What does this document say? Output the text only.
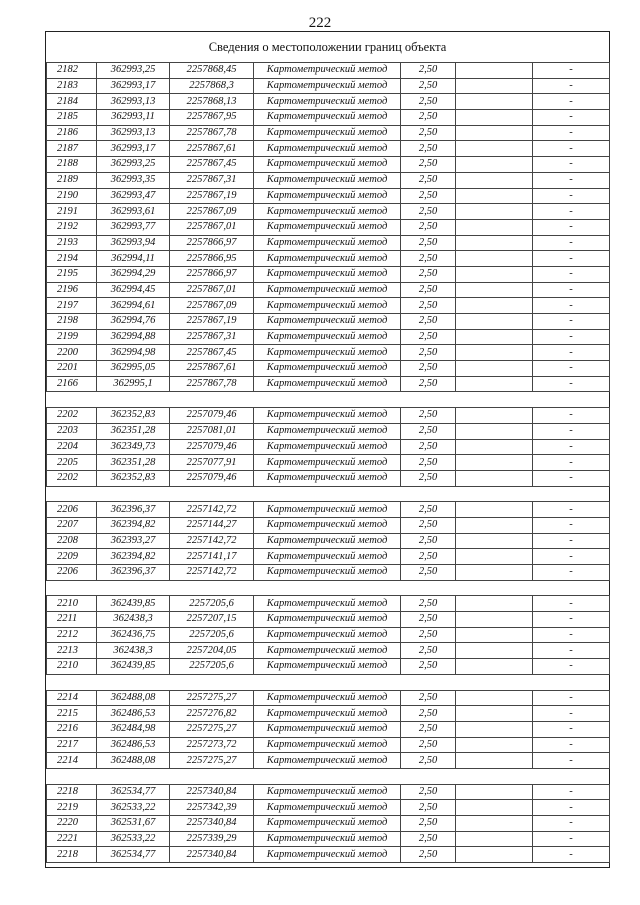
222
Сведения о местоположении границ объекта
2182	362993,25	2257868,45	Картометрический метод	2,50		-
2183	362993,17	2257868,3	Картометрический метод	2,50		-
2184	362993,13	2257868,13	Картометрический метод	2,50		-
2185	362993,11	2257867,95	Картометрический метод	2,50		-
2186	362993,13	2257867,78	Картометрический метод	2,50		-
2187	362993,17	2257867,61	Картометрический метод	2,50		-
2188	362993,25	2257867,45	Картометрический метод	2,50		-
2189	362993,35	2257867,31	Картометрический метод	2,50		-
2190	362993,47	2257867,19	Картометрический метод	2,50		-
2191	362993,61	2257867,09	Картометрический метод	2,50		-
2192	362993,77	2257867,01	Картометрический метод	2,50		-
2193	362993,94	2257866,97	Картометрический метод	2,50		-
2194	362994,11	2257866,95	Картометрический метод	2,50		-
2195	362994,29	2257866,97	Картометрический метод	2,50		-
2196	362994,45	2257867,01	Картометрический метод	2,50		-
2197	362994,61	2257867,09	Картометрический метод	2,50		-
2198	362994,76	2257867,19	Картометрический метод	2,50		-
2199	362994,88	2257867,31	Картометрический метод	2,50		-
2200	362994,98	2257867,45	Картометрический метод	2,50		-
2201	362995,05	2257867,61	Картометрический метод	2,50		-
2166	362995,1	2257867,78	Картометрический метод	2,50		-

2202	362352,83	2257079,46	Картометрический метод	2,50		-
2203	362351,28	2257081,01	Картометрический метод	2,50		-
2204	362349,73	2257079,46	Картометрический метод	2,50		-
2205	362351,28	2257077,91	Картометрический метод	2,50		-
2202	362352,83	2257079,46	Картометрический метод	2,50		-

2206	362396,37	2257142,72	Картометрический метод	2,50		-
2207	362394,82	2257144,27	Картометрический метод	2,50		-
2208	362393,27	2257142,72	Картометрический метод	2,50		-
2209	362394,82	2257141,17	Картометрический метод	2,50		-
2206	362396,37	2257142,72	Картометрический метод	2,50		-

2210	362439,85	2257205,6	Картометрический метод	2,50		-
2211	362438,3	2257207,15	Картометрический метод	2,50		-
2212	362436,75	2257205,6	Картометрический метод	2,50		-
2213	362438,3	2257204,05	Картометрический метод	2,50		-
2210	362439,85	2257205,6	Картометрический метод	2,50		-

2214	362488,08	2257275,27	Картометрический метод	2,50		-
2215	362486,53	2257276,82	Картометрический метод	2,50		-
2216	362484,98	2257275,27	Картометрический метод	2,50		-
2217	362486,53	2257273,72	Картометрический метод	2,50		-
2214	362488,08	2257275,27	Картометрический метод	2,50		-

2218	362534,77	2257340,84	Картометрический метод	2,50		-
2219	362533,22	2257342,39	Картометрический метод	2,50		-
2220	362531,67	2257340,84	Картометрический метод	2,50		-
2221	362533,22	2257339,29	Картометрический метод	2,50		-
2218	362534,77	2257340,84	Картометрический метод	2,50		-
